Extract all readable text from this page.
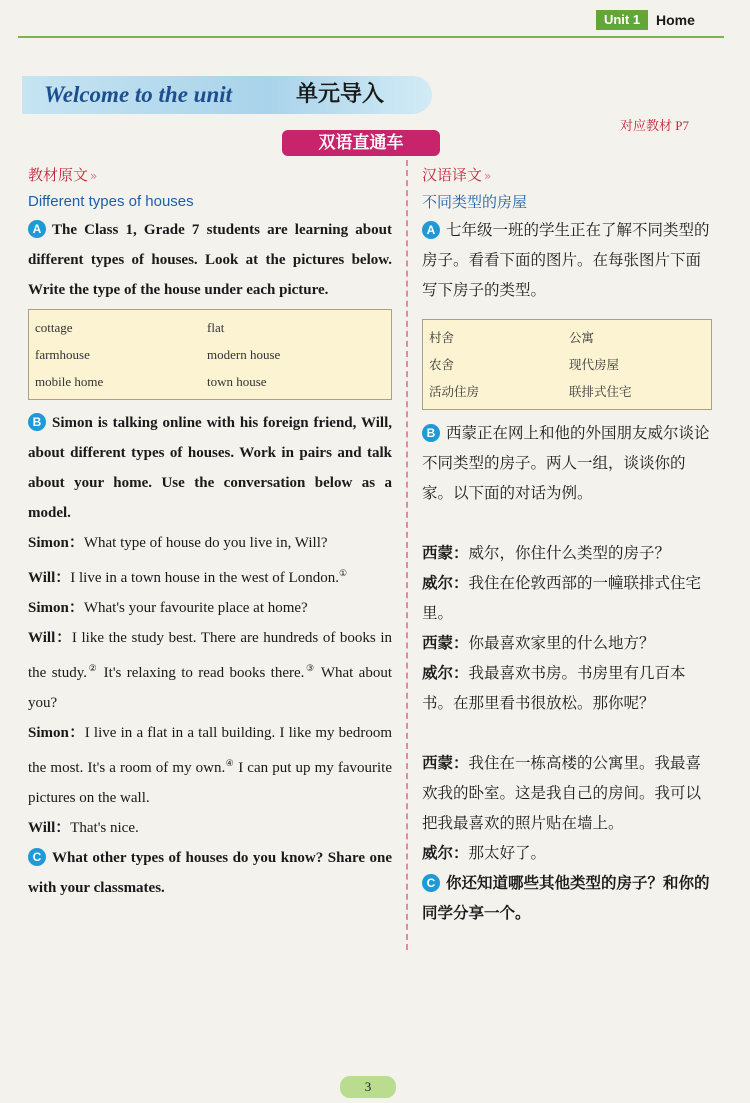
Unit 1	Home
Welcome to the unit	单元导入
双语直通车
对应教材 P7
教材原文 »
Different types of houses
A The Class 1, Grade 7 students are learning about different types of houses. Look at the pictures below. Write the type of the house under each picture.
cottage	flat
farmhouse	modern house
mobile home	town house
B Simon is talking online with his foreign friend, Will, about different types of houses. Work in pairs and talk about your home. Use the conversation below as a model.
Simon：What type of house do you live in, Will?
Will：I live in a town house in the west of London.①
Simon：What's your favourite place at home?
Will：I like the study best. There are hundreds of books in the study.② It's relaxing to read books there.③ What about you?
Simon：I live in a flat in a tall building. I like my bedroom the most. It's a room of my own.④ I can put up my favourite pictures on the wall.
Will：That's nice.
C What other types of houses do you know? Share one with your classmates.
汉语译文 »
不同类型的房屋
A 七年级一班的学生正在了解不同类型的房子。看看下面的图片。在每张图片下面写下房子的类型。
村舍	公寓
农舍	现代房屋
活动住房	联排式住宅
B 西蒙正在网上和他的外国朋友威尔谈论不同类型的房子。两人一组，谈谈你的家。以下面的对话为例。
西蒙：威尔，你住什么类型的房子？
威尔：我住在伦敦西部的一幢联排式住宅里。
西蒙：你最喜欢家里的什么地方？
威尔：我最喜欢书房。书房里有几百本书。在那里看书很放松。那你呢？
西蒙：我住在一栋高楼的公寓里。我最喜欢我的卧室。这是我自己的房间。我可以把我最喜欢的照片贴在墙上。
威尔：那太好了。
C 你还知道哪些其他类型的房子？和你的同学分享一个。
3
